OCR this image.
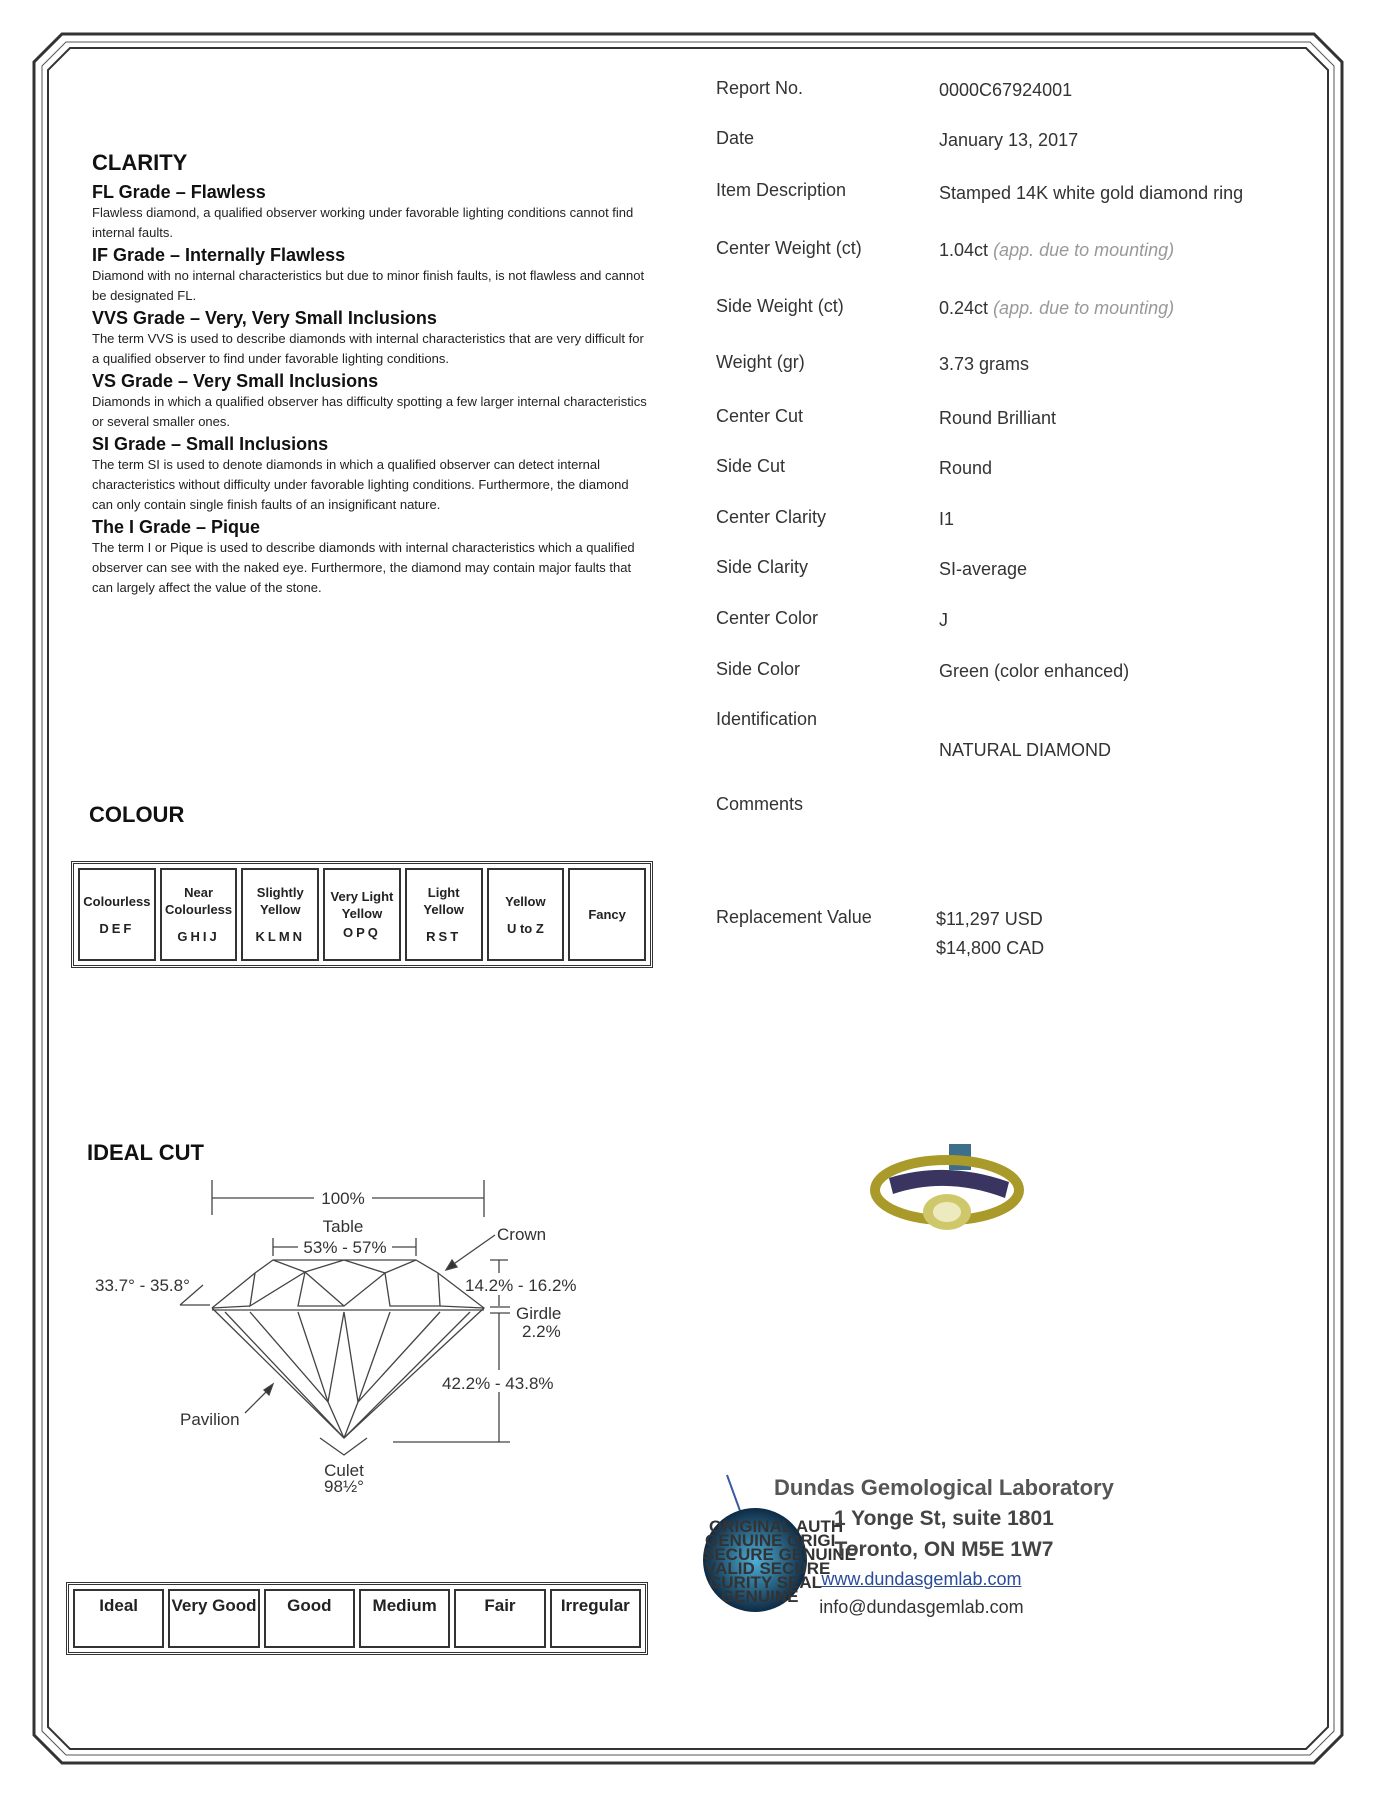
CLARITY
FL Grade – Flawless
Flawless diamond, a qualified observer working under favorable lighting conditions cannot find internal faults.
IF Grade – Internally Flawless
Diamond with no internal characteristics but due to minor finish faults, is not flawless and cannot be designated FL.
VVS Grade – Very, Very Small Inclusions
The term VVS is used to describe diamonds with internal characteristics that are very difficult for a qualified observer to find under favorable lighting conditions.
VS Grade – Very Small Inclusions
Diamonds in which a qualified observer has difficulty spotting a few larger internal characteristics or several smaller ones.
SI Grade – Small Inclusions
The term SI is used to denote diamonds in which a qualified observer can detect internal characteristics without difficulty under favorable lighting conditions. Furthermore, the diamond can only contain single finish faults of an insignificant nature.
The I Grade – Pique
The term I or Pique is used to describe diamonds with internal characteristics which a qualified observer can see with the naked eye. Furthermore, the diamond may contain major faults that can largely affect the value of the stone.
Report No.	0000C67924001
Date	January 13, 2017
Item Description	Stamped 14K white gold diamond ring
Center Weight (ct)	1.04ct (app. due to mounting)
Side Weight (ct)	0.24ct (app. due to mounting)
Weight (gr)	3.73 grams
Center Cut	Round Brilliant
Side Cut	Round
Center Clarity	I1
Side Clarity	SI-average
Center Color	J
Side Color	Green (color enhanced)
Identification
NATURAL DIAMOND
Comments
Replacement Value	$11,297 USD
$14,800 CAD
COLOUR
Colourless
DEF
	Near Colourless
GHIJ
	Slightly Yellow
KLMN
	Very Light Yellow
OPQ
	Light Yellow
RST
	Yellow
U to Z
	Fancy
IDEAL CUT
100%
Table
53% - 57%
Crown
14.2% - 16.2%
33.7° - 35.8°
Girdle
2.2%
42.2% - 43.8%
Pavilion
Culet
98½°
Ideal	Very Good	Good	Medium	Fair	Irregular
ORIGINAL AUTH
GENUINE ORIGI
SECURE GENUINE
VALID SECURE
CURITY SEAL
GENUINE
Dundas Gemological Laboratory
1 Yonge St, suite 1801
Toronto, ON M5E 1W7
www.dundasgemlab.com
info@dundasgemlab.com
